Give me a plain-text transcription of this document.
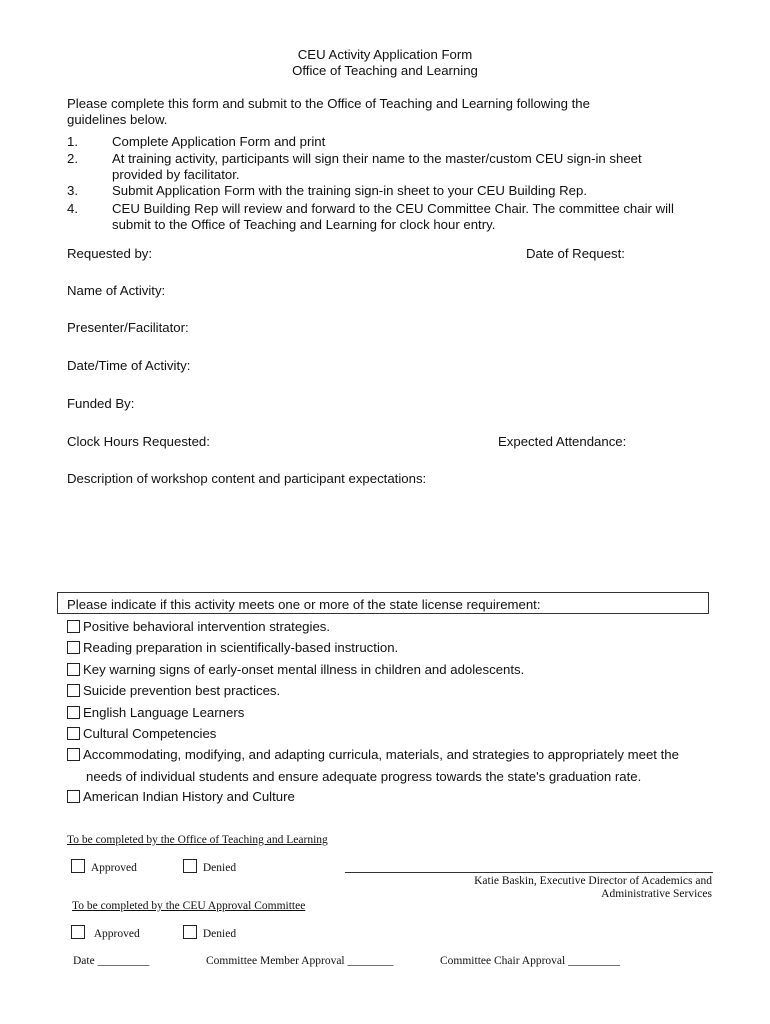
CEU Activity Application Form
Office of Teaching and Learning
Please complete this form and submit to the Office of Teaching and Learning following the
guidelines below.
1.	Complete Application Form and print
2.	At training activity, participants will sign their name to the master/custom CEU sign-in sheet
provided by facilitator.
3.	Submit Application Form with the training sign-in sheet to your CEU Building Rep.
4.	CEU Building Rep will review and forward to the CEU Committee Chair. The committee chair will
submit to the Office of Teaching and Learning for clock hour entry.
Requested by:	Date of Request:
Name of Activity:
Presenter/Facilitator:
Date/Time of Activity:
Funded By:
Clock Hours Requested:	Expected Attendance:
Description of workshop content and participant expectations:
Please indicate if this activity meets one or more of the state license requirement:
Positive behavioral intervention strategies.
Reading preparation in scientifically-based instruction.
Key warning signs of early-onset mental illness in children and adolescents.
Suicide prevention best practices.
English Language Learners
Cultural Competencies
Accommodating, modifying, and adapting curricula, materials, and strategies to appropriately meet the
needs of individual students and ensure adequate progress towards the state's graduation rate.
American Indian History and Culture
To be completed by the Office of Teaching and Learning
Approved	Denied
Katie Baskin, Executive Director of Academics and
Administrative Services
To be completed by the CEU Approval Committee
Approved	Denied
Date _________	Committee Member Approval ________	Committee Chair Approval _________
